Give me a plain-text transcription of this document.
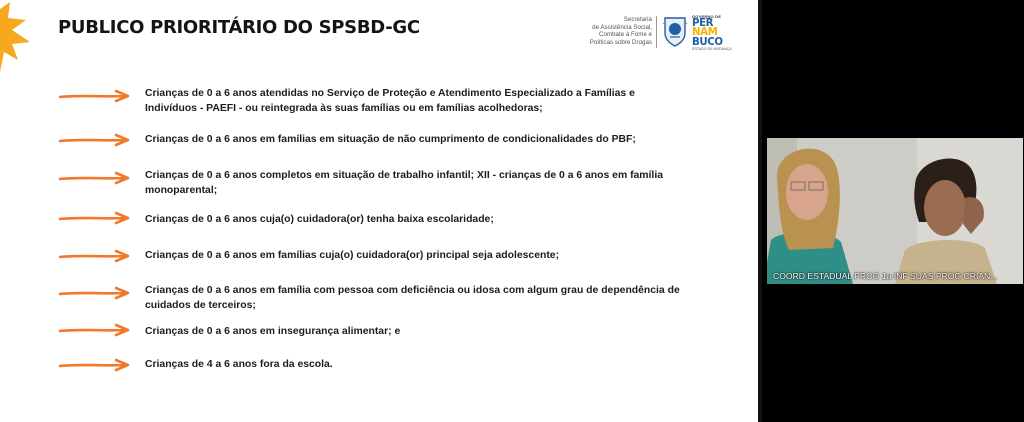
PUBLICO PRIORITÁRIO DO SPSBD-GC	Secretaria
de Assistência Social,
Combate à Fome e
Políticas sobre Drogas
GOVERNO DE
PER
NAM
BUCO
ESTADO DE MUDANÇA
Crianças de 0 a 6 anos atendidas no Serviço de Proteção e Atendimento Especializado a Famílias e Indivíduos - PAEFI - ou reintegrada às suas famílias ou em famílias acolhedoras;
Crianças de 0 a 6 anos em famílias em situação de não cumprimento de condicionalidades do PBF;
Crianças de 0 a 6 anos completos em situação de trabalho infantil; XII - crianças de 0 a 6 anos em família monoparental;
Crianças de 0 a 6 anos cuja(o) cuidadora(or) tenha baixa escolaridade;
Crianças de 0 a 6 anos em famílias cuja(o) cuidadora(or) principal seja adolescente;
Crianças de 0 a 6 anos em família com pessoa com deficiência ou idosa com algum grau de dependência de cuidados de terceiros;
Crianças de 0 a 6 anos em insegurança alimentar; e
Crianças de 4 a 6 anos fora da escola.
COORD ESTADUAL PROG 1a INF SUAS PROG CRIAN...
